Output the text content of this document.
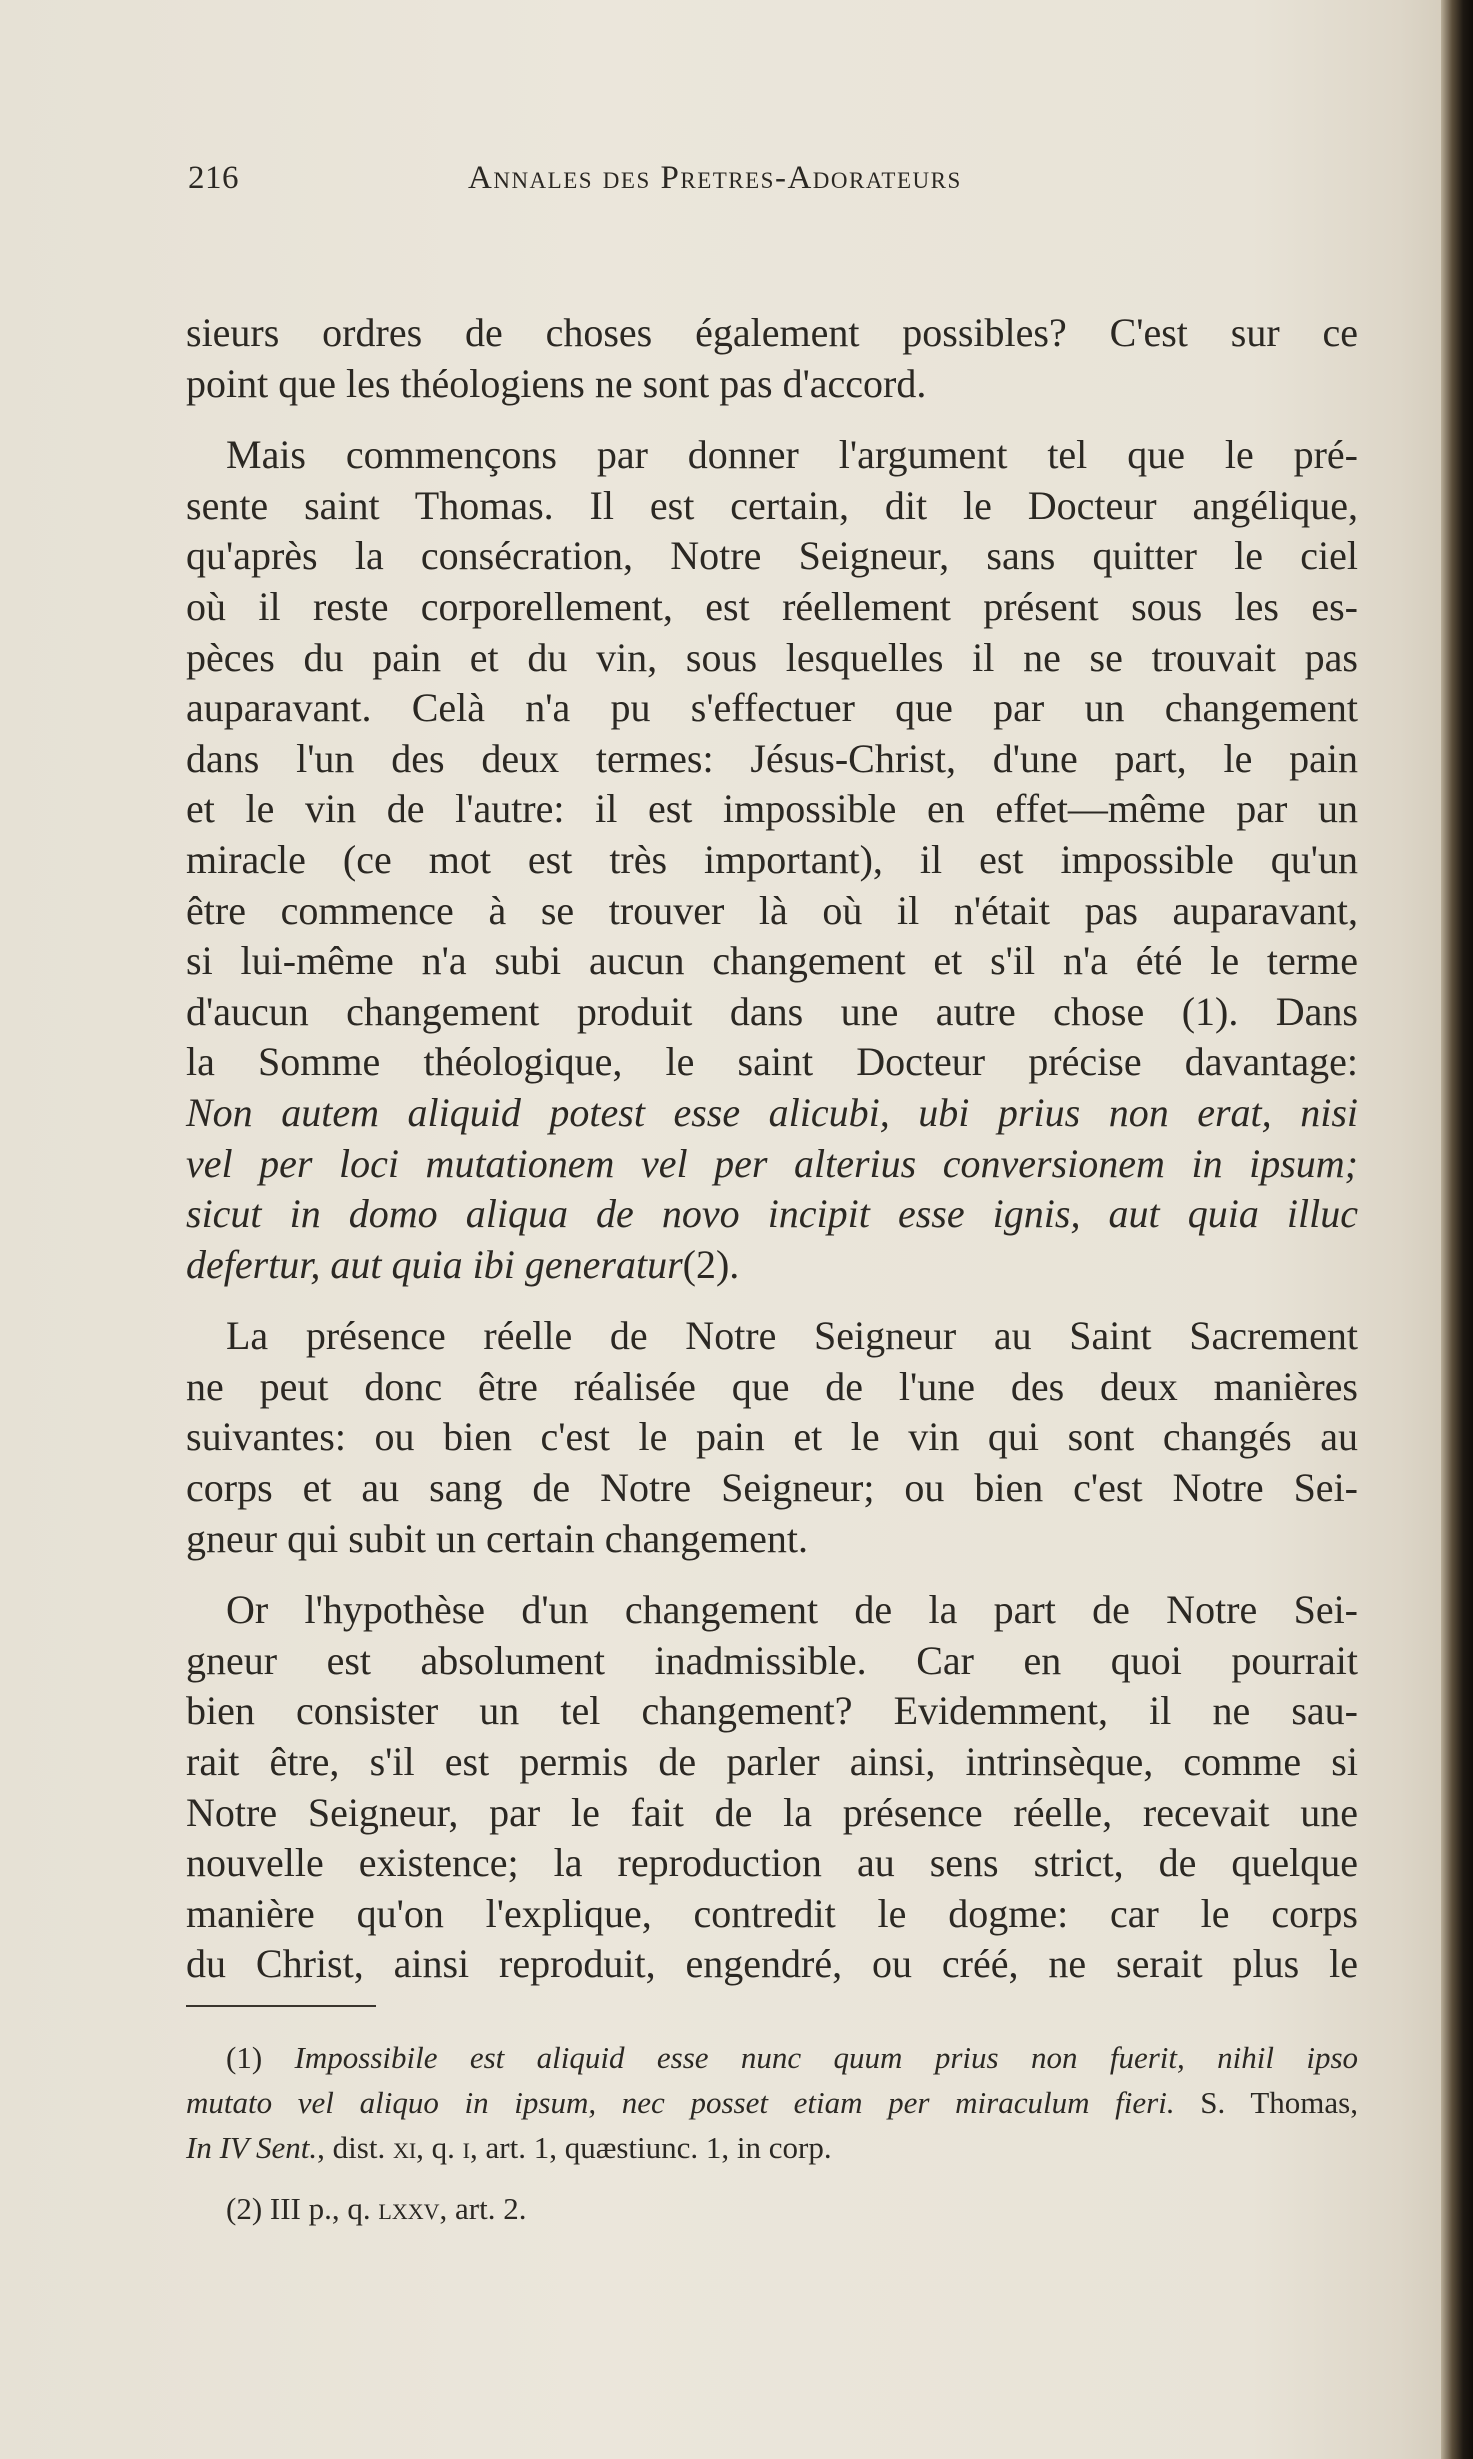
216	Annales des Pretres-Adorateurs
sieurs ordres de choses également possibles? C'est sur ce
point que les théologiens ne sont pas d'accord.
Mais commençons par donner l'argument tel que le pré-
sente saint Thomas. Il est certain, dit le Docteur angélique,
qu'après la consécration, Notre Seigneur, sans quitter le ciel
où il reste corporellement, est réellement présent sous les es-
pèces du pain et du vin, sous lesquelles il ne se trouvait pas
auparavant. Celà n'a pu s'effectuer que par un changement
dans l'un des deux termes: Jésus-Christ, d'une part, le pain
et le vin de l'autre: il est impossible en effet—même par un
miracle (ce mot est très important), il est impossible qu'un
être commence à se trouver là où il n'était pas auparavant,
si lui-même n'a subi aucun changement et s'il n'a été le terme
d'aucun changement produit dans une autre chose (1). Dans
la Somme théologique, le saint Docteur précise davantage:
Non autem aliquid potest esse alicubi, ubi prius non erat, nisi
vel per loci mutationem vel per alterius conversionem in ipsum;
sicut in domo aliqua de novo incipit esse ignis, aut quia illuc
defertur, aut quia ibi generatur(2).
La présence réelle de Notre Seigneur au Saint Sacrement
ne peut donc être réalisée que de l'une des deux manières
suivantes: ou bien c'est le pain et le vin qui sont changés au
corps et au sang de Notre Seigneur; ou bien c'est Notre Sei-
gneur qui subit un certain changement.
Or l'hypothèse d'un changement de la part de Notre Sei-
gneur est absolument inadmissible. Car en quoi pourrait
bien consister un tel changement? Evidemment, il ne sau-
rait être, s'il est permis de parler ainsi, intrinsèque, comme si
Notre Seigneur, par le fait de la présence réelle, recevait une
nouvelle existence; la reproduction au sens strict, de quelque
manière qu'on l'explique, contredit le dogme: car le corps
du Christ, ainsi reproduit, engendré, ou créé, ne serait plus le
(1) Impossibile est aliquid esse nunc quum prius non fuerit, nihil ipso
mutato vel aliquo in ipsum, nec posset etiam per miraculum fieri. S. Thomas,
In IV Sent., dist. xi, q. i, art. 1, quæstiunc. 1, in corp.
(2) III p., q. lxxv, art. 2.
